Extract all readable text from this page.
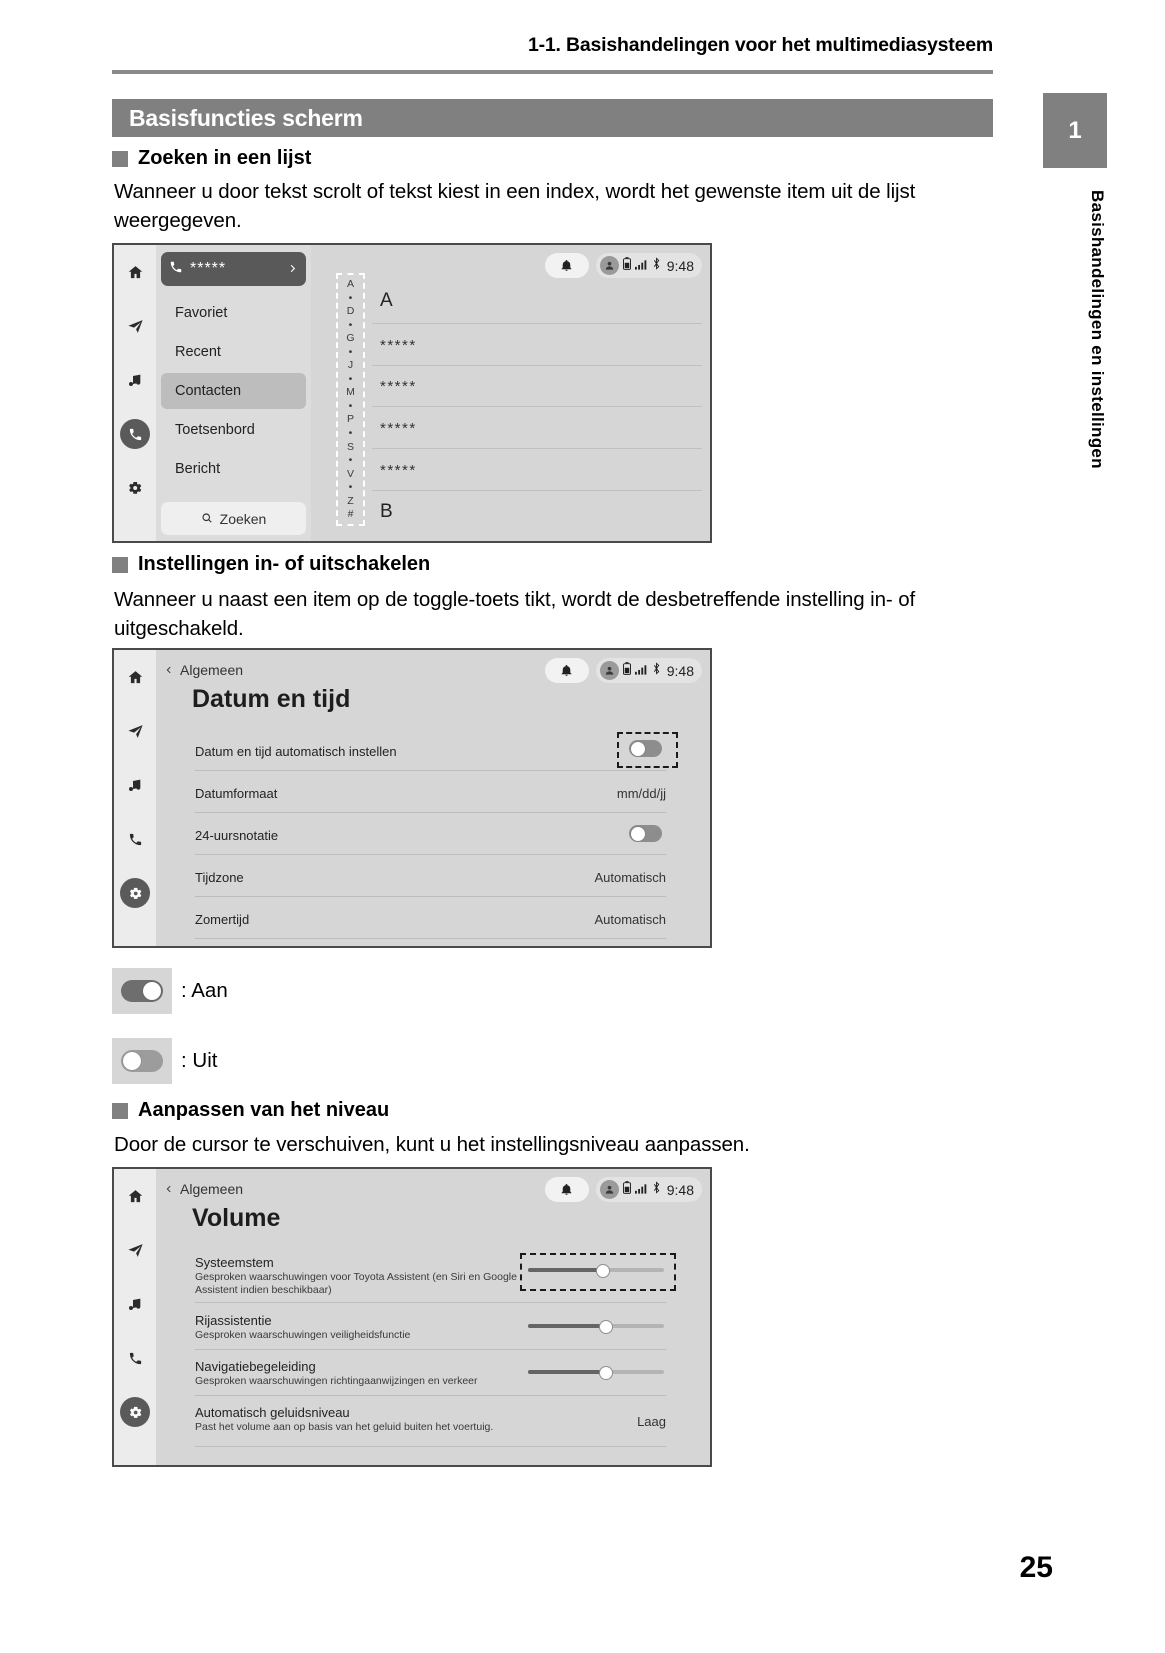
1-1. Basishandelingen voor het multimediasysteem
1
Basishandelingen en instellingen
Basisfuncties scherm
Zoeken in een lijst
Wanneer u door tekst scrolt of tekst kiest in een index, wordt het gewenste item uit de lijst weergegeven.
9:48
*****
Favoriet
Recent
Contacten
Toetsenbord
Bericht
Zoeken
A
•
D
•
G
•
J
•
M
•
P
•
S
•
V
•
Z
#
A
*****
*****
*****
*****
B
Instellingen in- of uitschakelen
Wanneer u naast een item op de toggle-toets tikt, wordt de desbetreffende instelling in- of uitgeschakeld.
9:48
Algemeen
Datum en tijd
Datum en tijd automatisch instellen
Datumformaat	mm/dd/jj
24-uursnotatie
Tijdzone	Automatisch
Zomertijd	Automatisch
: Aan
: Uit
Aanpassen van het niveau
Door de cursor te verschuiven, kunt u het instellingsniveau aanpassen.
9:48
Algemeen
Volume
Systeemstem
Gesproken waarschuwingen voor Toyota Assistent (en Siri en Google Assistent indien beschikbaar)
Rijassistentie
Gesproken waarschuwingen veiligheidsfunctie
Navigatiebegeleiding
Gesproken waarschuwingen richtingaanwijzingen en verkeer
Automatisch geluidsniveau
Past het volume aan op basis van het geluid buiten het voertuig.	Laag
25
